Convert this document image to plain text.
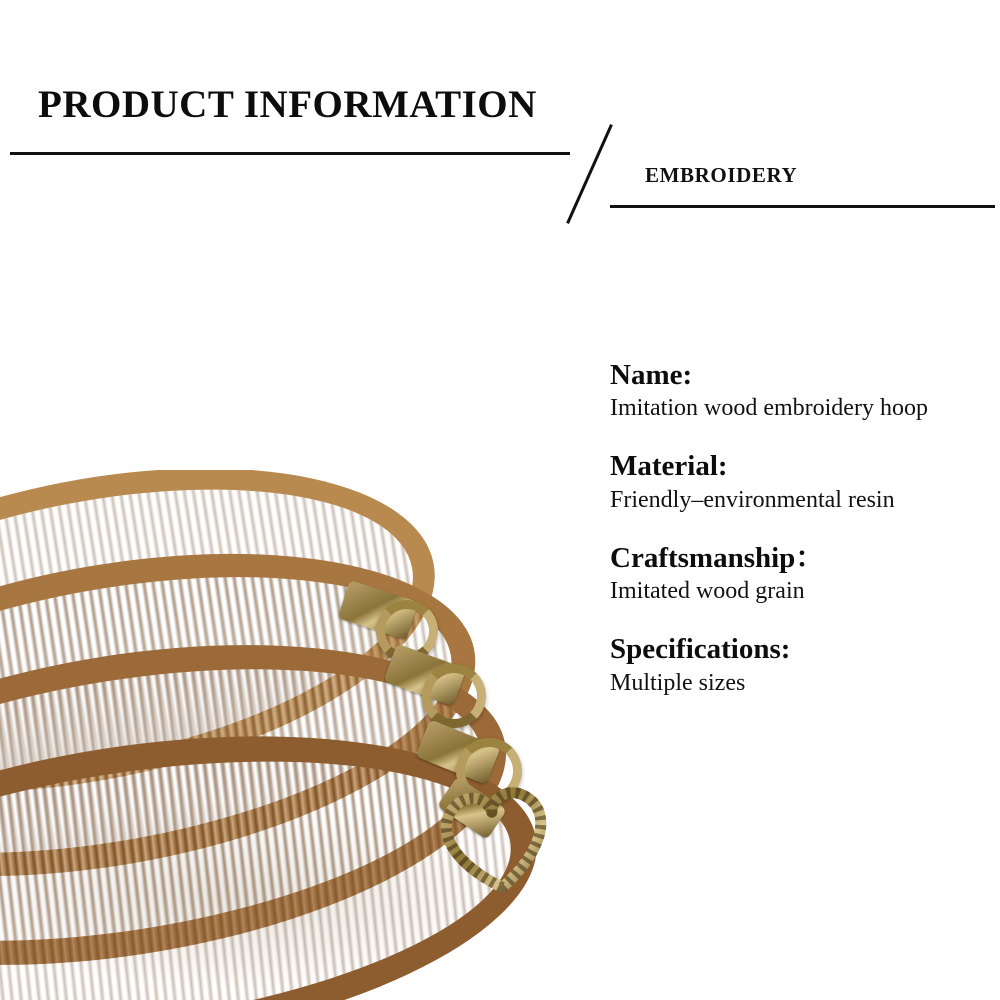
PRODUCT INFORMATION
EMBROIDERY
Name:
Imitation wood embroidery hoop
Material:
Friendly–environmental resin
Craftsmanship：
Imitated wood grain
Specifications:
Multiple sizes
